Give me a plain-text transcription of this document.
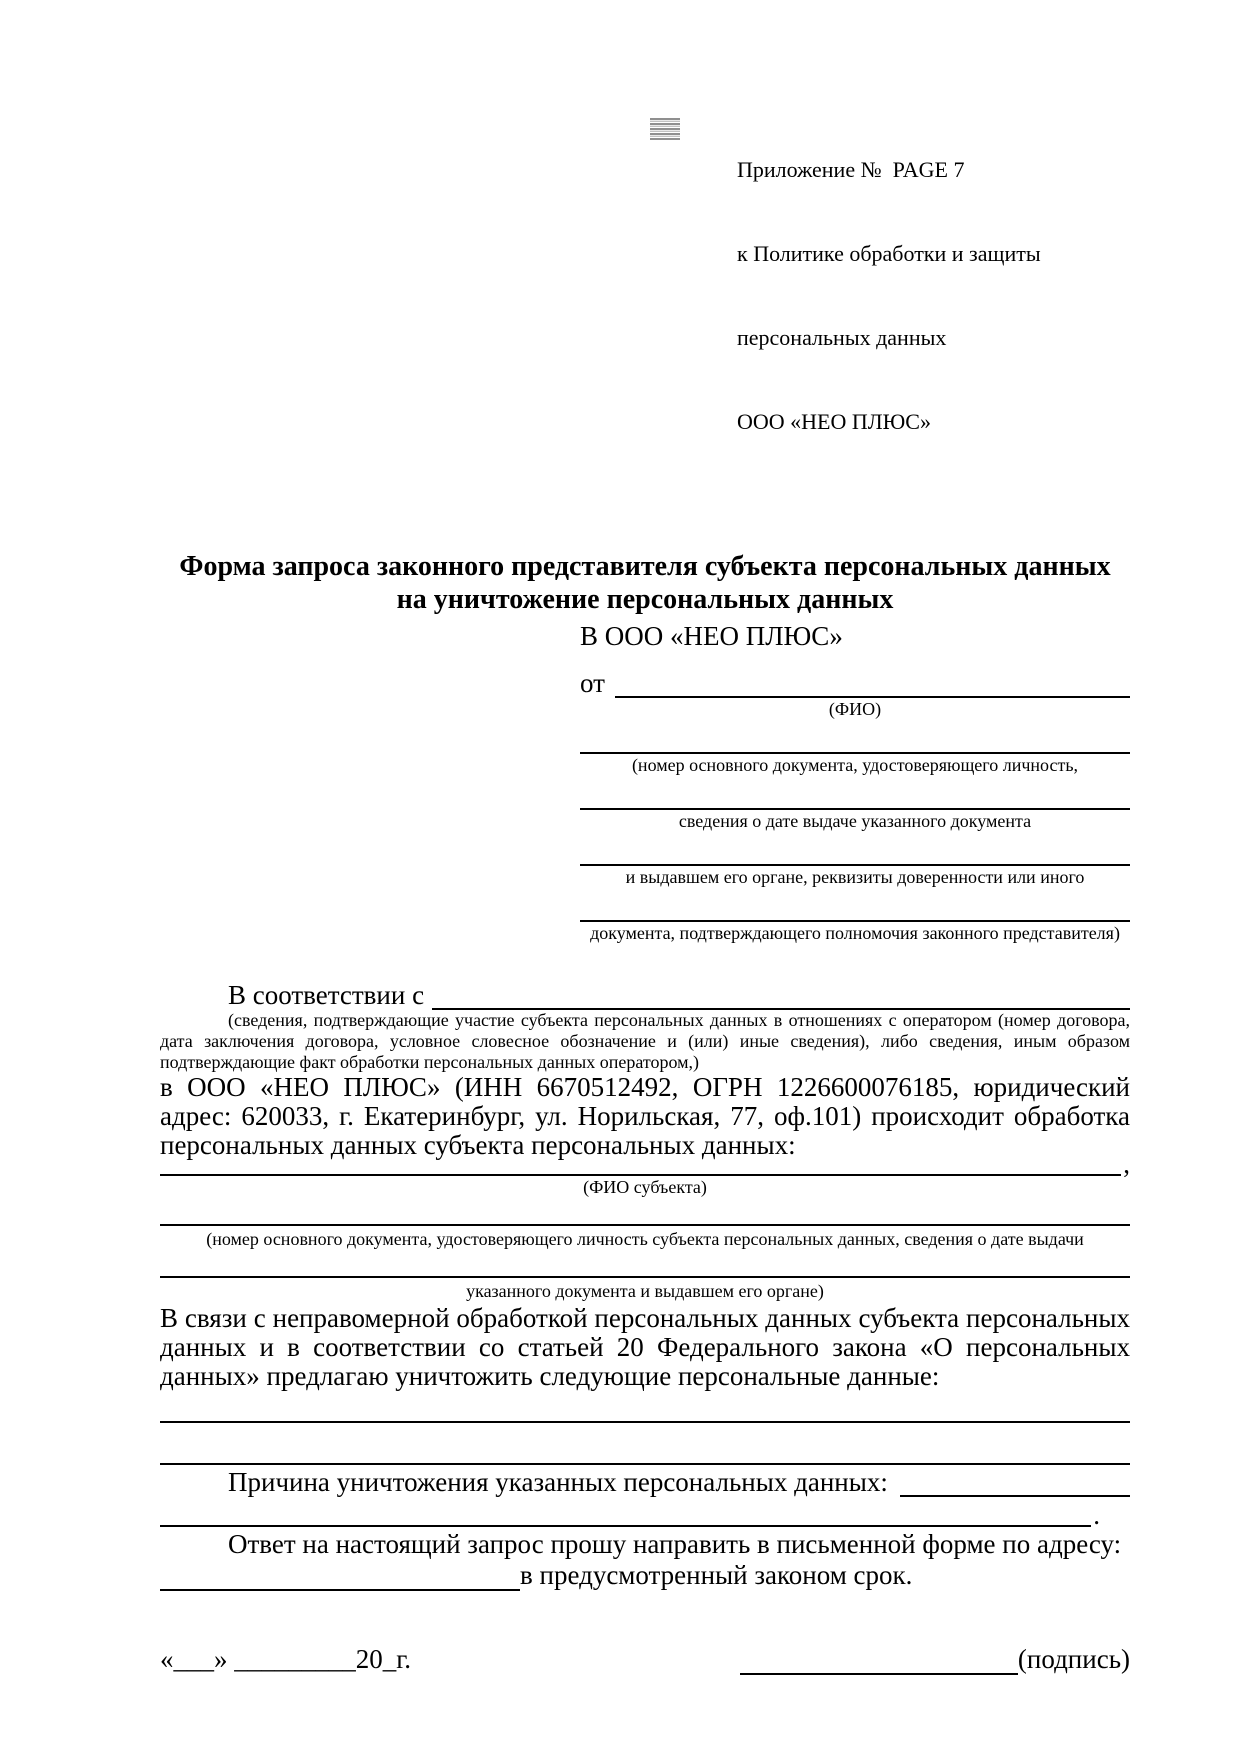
Приложение №  PAGE 7

к Политике обработки и защиты

персональных данных

ООО «НЕО ПЛЮС»

Форма запроса законного представителя субъекта персональных данных
на уничтожение персональных данных
В ООО «НЕО ПЛЮС»
от
(ФИО)
(номер основного документа, удостоверяющего личность,
сведения о дате выдаче указанного документа
и выдавшем его органе, реквизиты доверенности или иного
документа, подтверждающего полномочия законного представителя)
В соответствии с

(сведения, подтверждающие участие субъекта персональных данных в отношениях с оператором (номер договора, дата заключения договора, условное словесное обозначение и (или) иные сведения), либо сведения, иным образом подтверждающие факт обработки персональных данных оператором,)

в ООО «НЕО ПЛЮС» (ИНН 6670512492, ОГРН 1226600076185, юридический адрес: 620033, г. Екатеринбург, ул. Норильская, 77, оф.101) происходит обработка персональных данных субъекта персональных данных:

,
(ФИО субъекта)
(номер основного документа, удостоверяющего личность субъекта персональных данных, сведения о дате выдачи
указанного документа и выдавшем его органе)

В связи с неправомерной обработкой персональных данных субъекта персональных данных и в соответствии со статьей 20 Федерального закона «О персональных данных» предлагаю уничтожить следующие персональные данные:

Причина уничтожения указанных персональных данных:
.

Ответ на настоящий запрос прошу направить в письменной форме по адресу:

в предусмотренный законом срок.
«___» _________20_г.	(подпись)
